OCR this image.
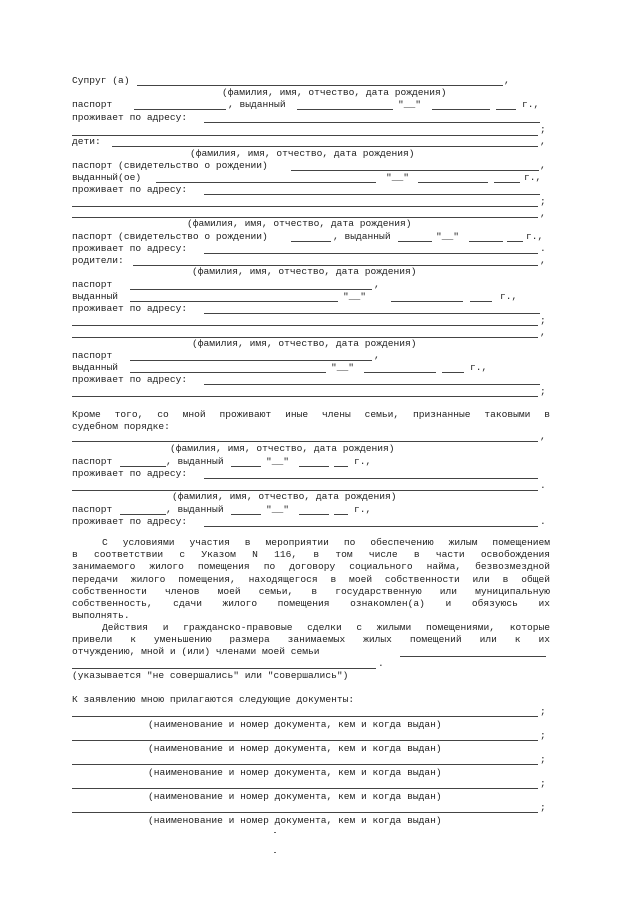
Супруг (а)	,
(фамилия, имя, отчество, дата рождения)
паспорт	, выданный	"__"	г.,
проживает по адресу:
;
дети:	,
(фамилия, имя, отчество, дата рождения)
паспорт (свидетельство о рождении)	,
выданный(ое)	"__"	г.,
проживает по адресу:
;
,
(фамилия, имя, отчество, дата рождения)
паспорт (свидетельство о рождении)	, выданный	"__"	г.,
проживает по адресу:	.
родители:	,
(фамилия, имя, отчество, дата рождения)
паспорт	,
выданный	"__"	г.,
проживает по адресу:
;
,
(фамилия, имя, отчество, дата рождения)
паспорт	,
выданный	"__"	г.,
проживает по адресу:
;
Кроме того, со мной проживают иные члены семьи, признанные таковыми в
судебном порядке:
,
(фамилия, имя, отчество, дата рождения)
паспорт	, выданный	"__"	г.,
проживает по адресу:
.
(фамилия, имя, отчество, дата рождения)
паспорт	, выданный	"__"	г.,
проживает по адресу:	.
С условиями участия в мероприятии по обеспечению жилым помещением
в соответствии с Указом N 116, в том числе в части освобождения
занимаемого жилого помещения по договору социального найма, безвозмездной
передачи жилого помещения, находящегося в моей собственности или в общей
собственности членов моей семьи, в государственную или муниципальную
собственность, сдачи жилого помещения ознакомлен(а) и обязуюсь их
выполнять.
Действия и гражданско-правовые сделки с жилыми помещениями, которые
привели к уменьшению размера занимаемых жилых помещений или к их
отчуждению, мной и (или) членами моей семьи
.
(указывается "не совершались" или "совершались")
К заявлению мною прилагаются следующие документы:
;
(наименование и номер документа, кем и когда выдан)
;
(наименование и номер документа, кем и когда выдан)
;
(наименование и номер документа, кем и когда выдан)
;
(наименование и номер документа, кем и когда выдан)
;
(наименование и номер документа, кем и когда выдан)
